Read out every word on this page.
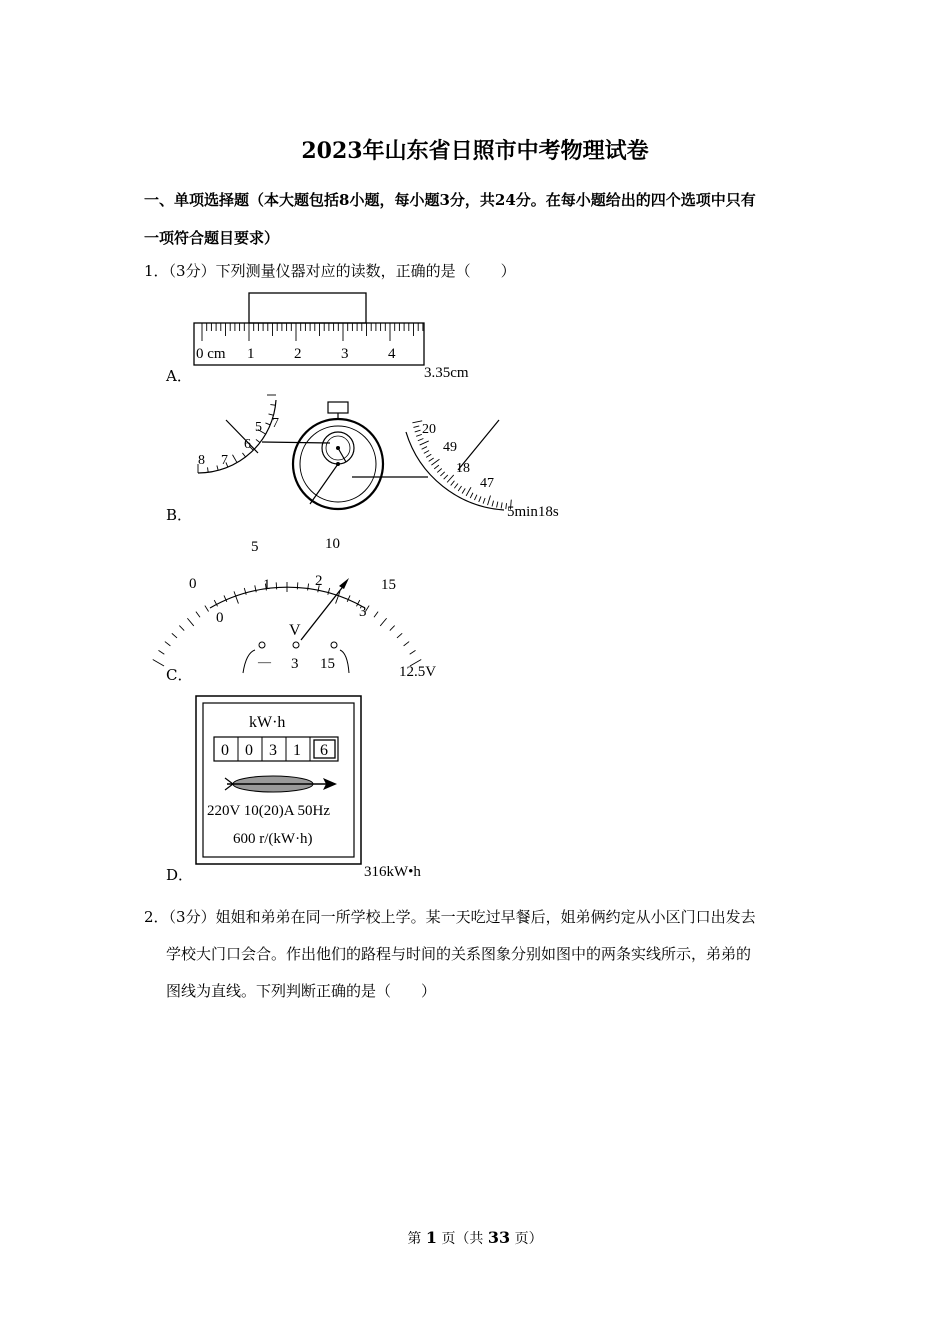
2023年山东省日照市中考物理试卷
一、单项选择题（本大题包括8小题，每小题3分，共24分。在每小题给出的四个选项中只有
一项符合题目要求）
1．（3分）下列测量仪器对应的读数，正确的是（　　）
0 cm 1	2	3	4
A．	3.35cm
5 7
6
8 7
20
49
18
47
B．	5min18s
0
5	10
15
0
1	2
3
V
— 3 15
C．	12.5V
kW·h
0 0 3 1 6
220V 10(20)A 50Hz
600 r/(kW·h)
D．	316kW•h
2．（3分）姐姐和弟弟在同一所学校上学。某一天吃过早餐后，姐弟俩约定从小区门口出发去
学校大门口会合。作出他们的路程与时间的关系图象分别如图中的两条实线所示，弟弟的
图线为直线。下列判断正确的是（　　）
第 1 页（共 33 页）
